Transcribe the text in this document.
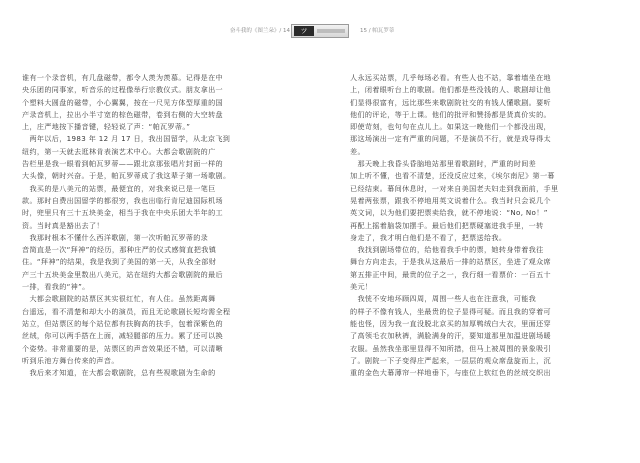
奋斗我的《图兰朵》/ 14

谁有一个录音机，有几盘磁带，都令人羡为羡慕。记得是在中

央乐团的同事家，听音乐的过程像举行宗教仪式。朋友拿出一

个塑料大圆盘的磁带，小心翼翼，按在一尺见方体型厚重的国

产录音机上，拉出小半寸宽的棕色磁带，卷到右侧的大空转盘

上，庄严地按下播音键，轻轻说了声：“帕瓦罗蒂。”

　两年以后，1983 年 12 月 17 日，我出国留学，从北京飞到

纽约，第一天就去逛林肯表演艺术中心。大都会歌剧院的广

告栏里是我一眼看到帕瓦罗蒂——跟北京那张唱片封面一样的

大头像，朝时兴奋。于是，帕瓦罗蒂成了我这辈子第一场歌剧。

　我买的是八美元的站票，最便宜的，对我来说已是一笔巨

款。那时自费出国留学的都很穷，我也出临行肯尼迪国际机场

时，兜里只有三十五块美金，相当于我在中央乐团大半年的工

资。当时真是豁出去了！

　我那时根本不懂什么西洋歌剧，第一次听帕瓦罗蒂的录

音简直是一次“拜神”的经历，那种庄严的仪式感简直把我镇

住。“拜神”的结果，我是我到了美国的第一天，从我全部财

产三十五块美金里数出八美元，站在纽约大都会歌剧院的最后

一排，看我的“神”。

　大都会歌剧院的站票区其实很红忙，有人住。虽然距离舞

台遥远，看不清楚和却大小的演员，而且无论歌剧长短均需全程

站立，但站票区的每个站位都有扶胸高的扶手，包着深紫色的

丝绒，你可以两手搭在上面，减轻腿部的压力。累了还可以换

个姿势。非常重要的是，站票区的声音效果还不错，可以清晰

听到乐池方舞台传来的声音。

　我后来才知道，在大都会歌剧院，总有些视歌剧为生命的

ツ	15 / 帕瓦罗蒂

人永远买站票，几乎每场必看。有些人也不站，靠着墙坐在地

上，闭着眼听台上的歌剧。他们都是些没钱的人、歌剧却让他

们显得很富有，远比那些来歌剧院社交的有钱人懂歌剧。要听

他们的评论，等于上课。他们的批评和赞扬都是货真价实的。

即使苛刻，也句句在点儿上。如果这一晚他们一个都没出现，

那这场演出一定有严重的问题，不是演员不行，就是戏导得太

差。

　那天晚上我昏头昏脑地站那里看歌剧时，严重的时间差

加上听不懂，也看不清楚，还没反应过来，《埃尔南尼》第一幕

已经结束。幕间休息时，一对来自美国老夫妇走到我面前，手里

晃着两张票，跟我不停地用英文说着什么。我当时只会说几个

英文词，以为他们要把票卖给我，就不停地说：“No, No！”

再配上摇着脑袋加摆手。最后他们把票硬塞进我手里，一转

身走了，我才明白他们是不看了，把票送给我。

　我找到剧场带位的，给他看我手中的票，她转身带着我往

舞台方向走去，于是我从这最后一排的站票区，坐进了观众席

第五排正中间，最贵的位子之一，我行细一看票价：一百五十

美元！

　我恍不安地坏顾四周，周围一些人也在注意我，可能我

的样子不像有钱人，坐最贵的位子显得可疑。而且我的穿着可

能也怪，因为我一直没脱北京买的加厚鸭绒白大衣，里面还穿

了高领毛衣加秋裤，满脸满身的汗，要知道那里加温进剧场暖

衣服。虽然我坐那里显得不知所措，但马上被周围的景象吸引

了。剧院一下子变得庄严起来，一层层的观众席盘旋而上，沉

重的金色大幕薄帘一样地垂下，与座位上软红色的丝绒交织出
